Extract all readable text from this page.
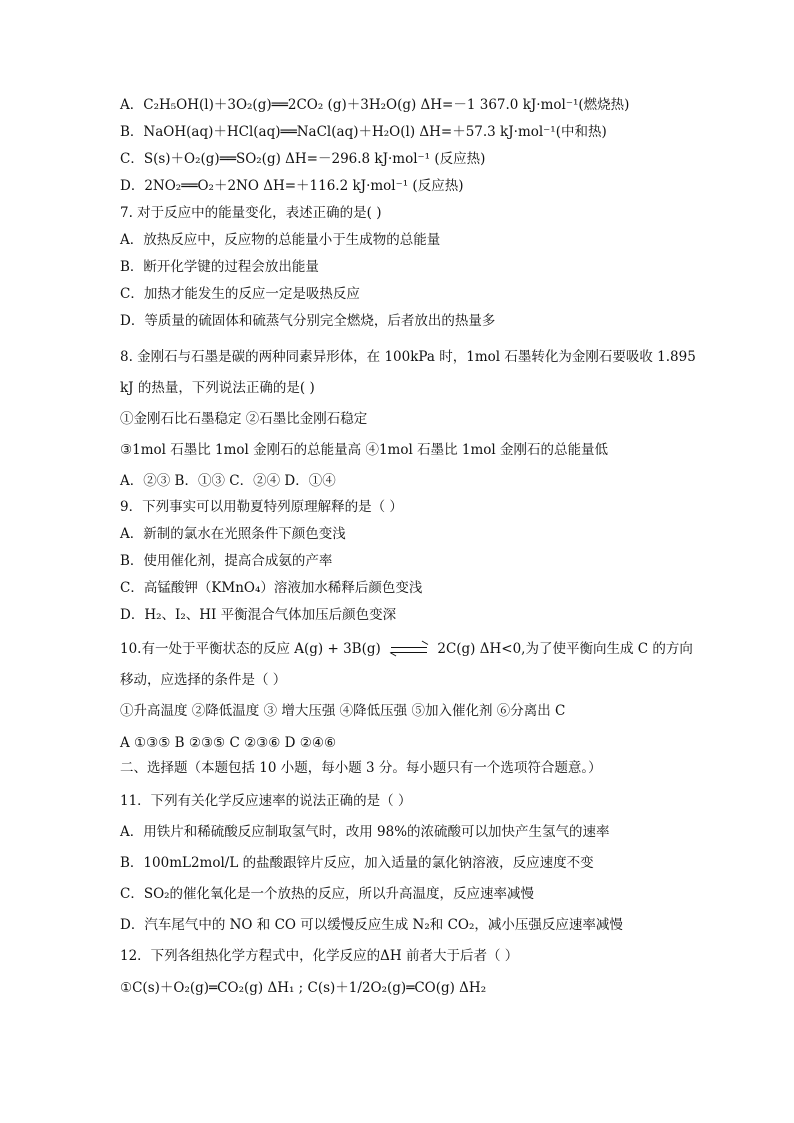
A．C₂H₅OH(l)＋3O₂(g)══2CO₂ (g)＋3H₂O(g) ΔH=－1 367.0 kJ·mol⁻¹(燃烧热)
B．NaOH(aq)＋HCl(aq)══NaCl(aq)＋H₂O(l) ΔH=＋57.3 kJ·mol⁻¹(中和热)
C．S(s)＋O₂(g)══SO₂(g) ΔH=－296.8 kJ·mol⁻¹ (反应热)
D．2NO₂══O₂＋2NO ΔH=＋116.2 kJ·mol⁻¹ (反应热)
7. 对于反应中的能量变化，表述正确的是( )
A．放热反应中，反应物的总能量小于生成物的总能量
B．断开化学键的过程会放出能量
C．加热才能发生的反应一定是吸热反应
D．等质量的硫固体和硫蒸气分别完全燃烧，后者放出的热量多
8. 金刚石与石墨是碳的两种同素异形体，在 100kPa 时，1mol 石墨转化为金刚石要吸收 1.895
kJ 的热量，下列说法正确的是( )
①金刚石比石墨稳定 ②石墨比金刚石稳定
③1mol 石墨比 1mol 金刚石的总能量高 ④1mol 石墨比 1mol 金刚石的总能量低
A．②③ B．①③ C．②④ D．①④
9．下列事实可以用勒夏特列原理解释的是（ ）
A．新制的氯水在光照条件下颜色变浅
B．使用催化剂，提高合成氨的产率
C．高锰酸钾（KMnO₄）溶液加水稀释后颜色变浅
D．H₂、I₂、HI 平衡混合气体加压后颜色变深
10.有一处于平衡状态的反应 A(g) + 3B(g)	2C(g) ΔH<0,为了使平衡向生成 C 的方向
移动，应选择的条件是（ ）
①升高温度 ②降低温度 ③ 增大压强 ④降低压强 ⑤加入催化剂 ⑥分离出 C
A ①③⑤ B ②③⑤ C ②③⑥ D ②④⑥
二、选择题（本题包括 10 小题，每小题 3 分。每小题只有一个选项符合题意。）
11．下列有关化学反应速率的说法正确的是（ ）
A．用铁片和稀硫酸反应制取氢气时，改用 98%的浓硫酸可以加快产生氢气的速率
B．100mL2mol/L 的盐酸跟锌片反应，加入适量的氯化钠溶液，反应速度不变
C．SO₂的催化氧化是一个放热的反应，所以升高温度，反应速率减慢
D．汽车尾气中的 NO 和 CO 可以缓慢反应生成 N₂和 CO₂，减小压强反应速率减慢
12．下列各组热化学方程式中，化学反应的ΔH 前者大于后者（ ）
①C(s)＋O₂(g)═CO₂(g) ΔH₁ ; C(s)＋1/2O₂(g)═CO(g) ΔH₂
